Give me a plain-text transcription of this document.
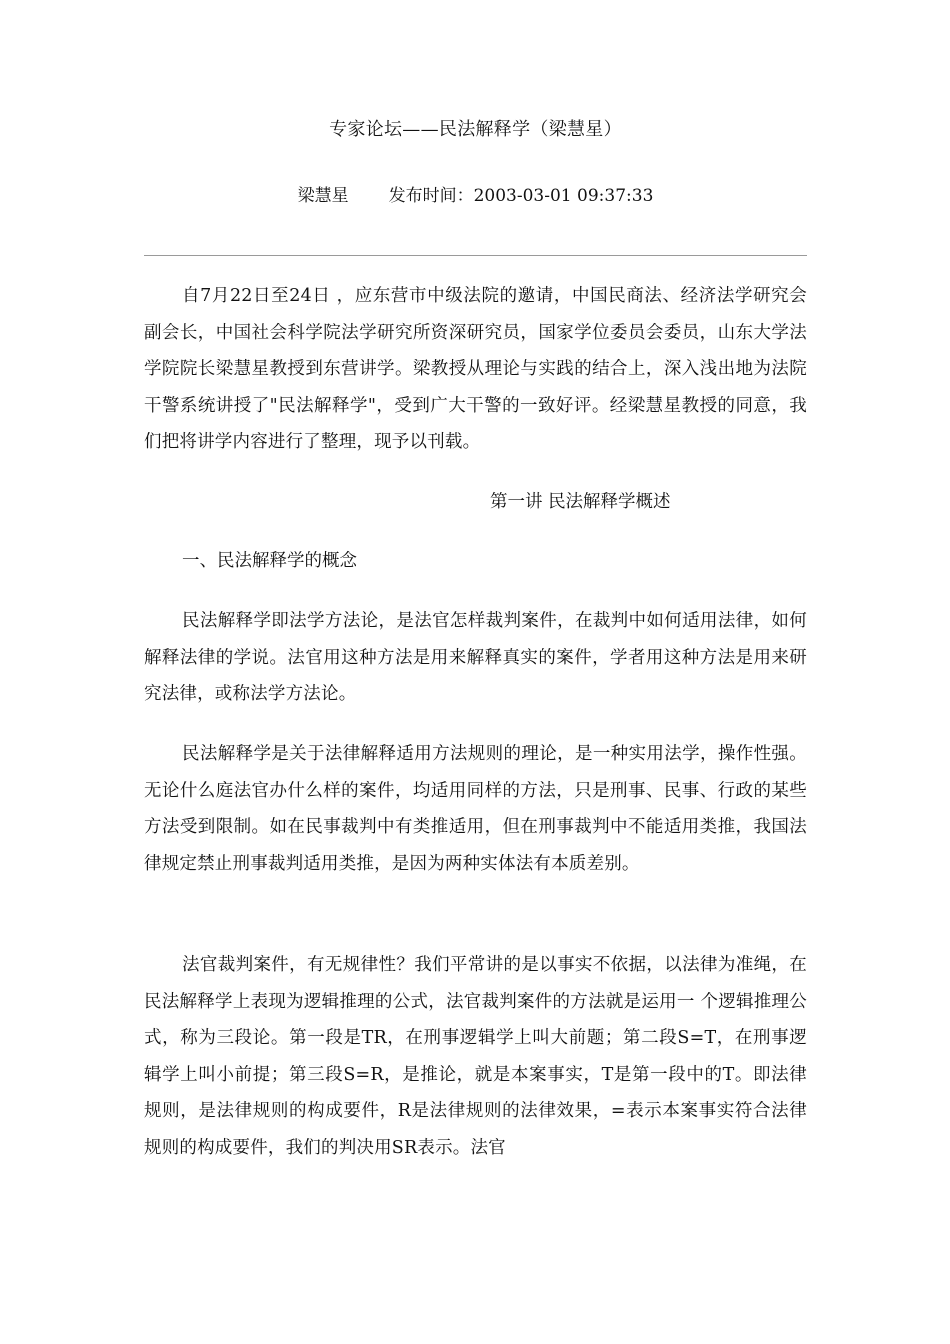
专家论坛——民法解释学（梁慧星）
梁慧星 发布时间：2003-03-01 09:37:33

自7月22日至24日 ，应东营市中级法院的邀请，中国民商法、经济法学研究会副会长，中国社会科学院法学研究所资深研究员，国家学位委员会委员，山东大学法学院院长梁慧星教授到东营讲学。梁教授从理论与实践的结合上，深入浅出地为法院干警系统讲授了"民法解释学"，受到广大干警的一致好评。经梁慧星教授的同意，我们把将讲学内容进行了整理，现予以刊载。

第一讲 民法解释学概述

一、民法解释学的概念

民法解释学即法学方法论，是法官怎样裁判案件，在裁判中如何适用法律，如何解释法律的学说。法官用这种方法是用来解释真实的案件，学者用这种方法是用来研究法律，或称法学方法论。

民法解释学是关于法律解释适用方法规则的理论，是一种实用法学，操作性强。无论什么庭法官办什么样的案件，均适用同样的方法，只是刑事、民事、行政的某些方法受到限制。如在民事裁判中有类推适用，但在刑事裁判中不能适用类推，我国法律规定禁止刑事裁判适用类推，是因为两种实体法有本质差别。

法官裁判案件，有无规律性？我们平常讲的是以事实不依据，以法律为准绳，在民法解释学上表现为逻辑推理的公式，法官裁判案件的方法就是运用一 个逻辑推理公式，称为三段论。第一段是TR，在刑事逻辑学上叫大前题；第二段S=T，在刑事逻辑学上叫小前提；第三段S=R，是推论，就是本案事实，T是第一段中的T。即法律规则，是法律规则的构成要件，R是法律规则的法律效果，=表示本案事实符合法律规则的构成要件，我们的判决用SR表示。法官
